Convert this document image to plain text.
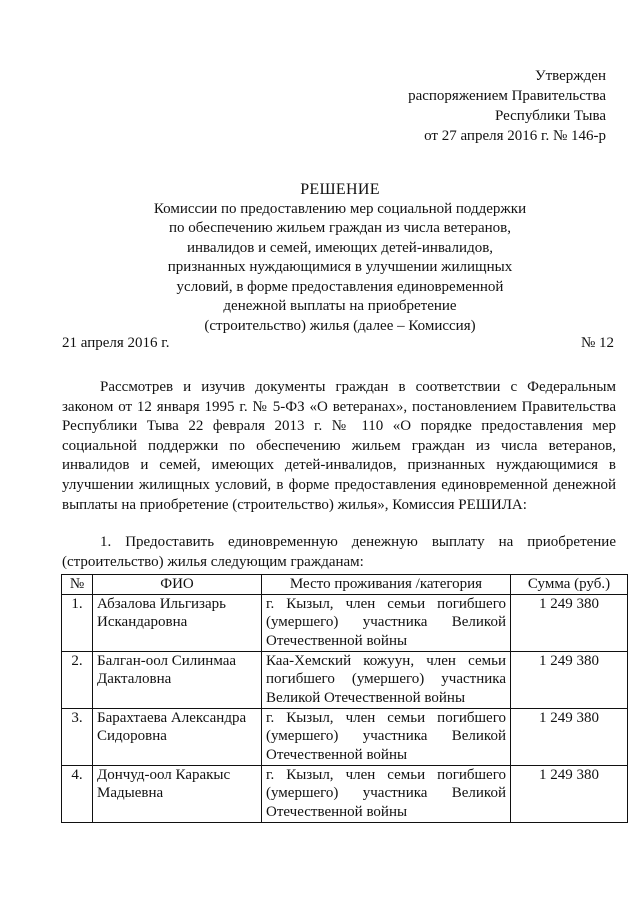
Утвержден
распоряжением Правительства
Республики Тыва
от 27 апреля 2016 г. № 146-р
РЕШЕНИЕ
Комиссии по предоставлению мер социальной поддержки
по обеспечению жильем граждан из числа ветеранов,
инвалидов и семей, имеющих детей-инвалидов,
признанных нуждающимися в улучшении жилищных
условий, в форме предоставления единовременной
денежной выплаты на приобретение
(строительство) жилья (далее – Комиссия)
21 апреля 2016 г.	№ 12
Рассмотрев и изучив документы граждан в соответствии с Федеральным законом от 12 января 1995 г. № 5-ФЗ «О ветеранах», постановлением Правительства Республики Тыва 22 февраля 2013 г. № 110 «О порядке предоставления мер социальной поддержки по обеспечению жильем граждан из числа ветеранов, инвалидов и семей, имеющих детей-инвалидов, признанных нуждающимися в улучшении жилищных условий, в форме предоставления единовременной денежной выплаты на приобретение (строительство) жилья», Комиссия РЕШИЛА:
1. Предоставить единовременную денежную выплату на приобретение (строительство) жилья следующим гражданам:
№	ФИО	Место проживания /категория	Сумма (руб.)
1.	Абзалова Ильгизарь Искандаровна	г. Кызыл, член семьи погибшего (умершего) участника Великой Отечественной войны	1 249 380
2.	Балган-оол Силинмаа Дакталовна	Каа-Хемский кожуун, член семьи погибшего (умершего) участника Великой Отечественной войны	1 249 380
3.	Барахтаева Александра Сидоровна	г. Кызыл, член семьи погибшего (умершего) участника Великой Отечественной войны	1 249 380
4.	Дончуд-оол Каракыс Мадыевна	г. Кызыл, член семьи погибшего (умершего) участника Великой Отечественной войны	1 249 380
